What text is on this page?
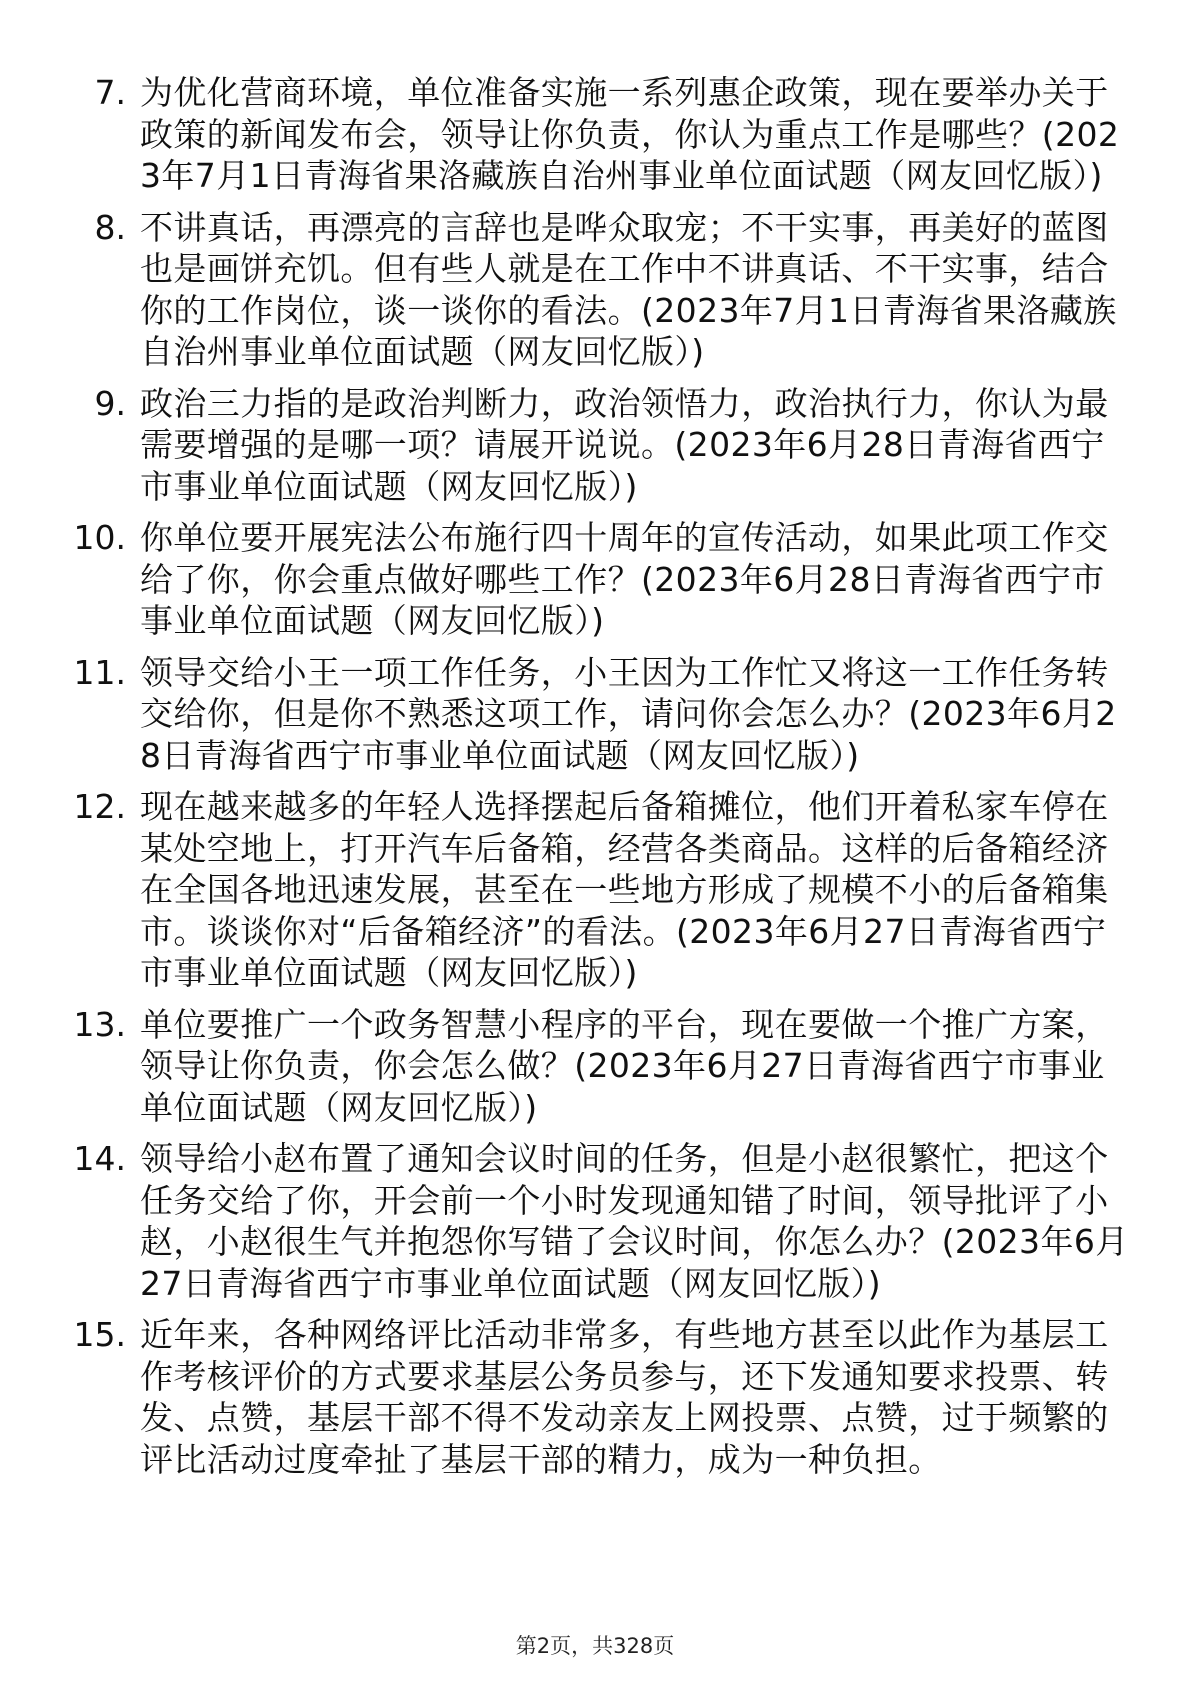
7. 为优化营商环境，单位准备实施一系列惠企政策，现在要举办关于政策的新闻发布会，领导让你负责，你认为重点工作是哪些？(2023年7月1日青海省果洛藏族自治州事业单位面试题（网友回忆版）)
8. 不讲真话，再漂亮的言辞也是哗众取宠；不干实事，再美好的蓝图也是画饼充饥。但有些人就是在工作中不讲真话、不干实事，结合你的工作岗位，谈一谈你的看法。(2023年7月1日青海省果洛藏族自治州事业单位面试题（网友回忆版）)
9. 政治三力指的是政治判断力，政治领悟力，政治执行力，你认为最需要增强的是哪一项？请展开说说。(2023年6月28日青海省西宁市事业单位面试题（网友回忆版）)
10. 你单位要开展宪法公布施行四十周年的宣传活动，如果此项工作交给了你，你会重点做好哪些工作？(2023年6月28日青海省西宁市事业单位面试题（网友回忆版）)
11. 领导交给小王一项工作任务，小王因为工作忙又将这一工作任务转交给你，但是你不熟悉这项工作，请问你会怎么办？(2023年6月28日青海省西宁市事业单位面试题（网友回忆版）)
12. 现在越来越多的年轻人选择摆起后备箱摊位，他们开着私家车停在某处空地上，打开汽车后备箱，经营各类商品。这样的后备箱经济在全国各地迅速发展，甚至在一些地方形成了规模不小的后备箱集市。谈谈你对“后备箱经济”的看法。(2023年6月27日青海省西宁市事业单位面试题（网友回忆版）)
13. 单位要推广一个政务智慧小程序的平台，现在要做一个推广方案，领导让你负责，你会怎么做？(2023年6月27日青海省西宁市事业单位面试题（网友回忆版）)
14. 领导给小赵布置了通知会议时间的任务，但是小赵很繁忙，把这个任务交给了你，开会前一个小时发现通知错了时间，领导批评了小赵，小赵很生气并抱怨你写错了会议时间，你怎么办？(2023年6月27日青海省西宁市事业单位面试题（网友回忆版）)
15. 近年来，各种网络评比活动非常多，有些地方甚至以此作为基层工作考核评价的方式要求基层公务员参与，还下发通知要求投票、转发、点赞，基层干部不得不发动亲友上网投票、点赞，过于频繁的评比活动过度牵扯了基层干部的精力，成为一种负担。
第2页，共328页
